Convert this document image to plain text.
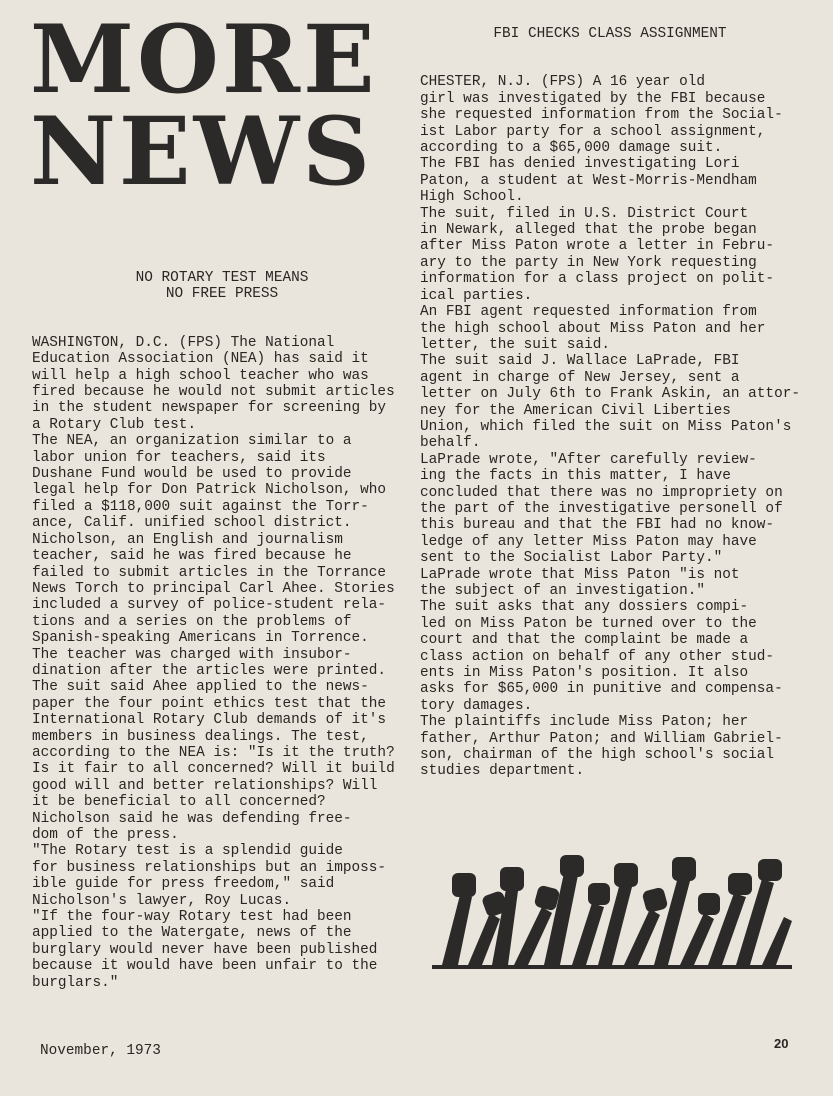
MORE
NEWS
NO ROTARY TEST MEANS
NO FREE PRESS

WASHINGTON, D.C. (FPS) The National
Education Association (NEA) has said it
will help a high school teacher who was
fired because he would not submit articles
in the student newspaper for screening by
a Rotary Club test.

The NEA, an organization similar to a
labor union for teachers, said its
Dushane Fund would be used to provide
legal help for Don Patrick Nicholson, who
filed a $118,000 suit against the Torr-
ance, Calif. unified school district.

Nicholson, an English and journalism
teacher, said he was fired because he
failed to submit articles in the Torrance
News Torch to principal Carl Ahee. Stories
included a survey of police-student rela-
tions and a series on the problems of
Spanish-speaking Americans in Torrence.

The teacher was charged with insubor-
dination after the articles were printed.

The suit said Ahee applied to the news-
paper the four point ethics test that the
International Rotary Club demands of it's
members in business dealings. The test,
according to the NEA is: "Is it the truth?
Is it fair to all concerned? Will it build
good will and better relationships? Will
it be beneficial to all concerned?

Nicholson said he was defending free-
dom of the press.

"The Rotary test is a splendid guide
for business relationships but an imposs-
ible guide for press freedom," said
Nicholson's lawyer, Roy Lucas.

"If the four-way Rotary test had been
applied to the Watergate, news of the
burglary would never have been published
because it would have been unfair to the
burglars."

FBI CHECKS CLASS ASSIGNMENT

CHESTER, N.J. (FPS) A 16 year old
girl was investigated by the FBI because
she requested information from the Social-
ist Labor party for a school assignment,
according to a $65,000 damage suit.

The FBI has denied investigating Lori
Paton, a student at West-Morris-Mendham
High School.

The suit, filed in U.S. District Court
in Newark, alleged that the probe began
after Miss Paton wrote a letter in Febru-
ary to the party in New York requesting
information for a class project on polit-
ical parties.

An FBI agent requested information from
the high school about Miss Paton and her
letter, the suit said.

The suit said J. Wallace LaPrade, FBI
agent in charge of New Jersey, sent a
letter on July 6th to Frank Askin, an attor-
ney for the American Civil Liberties
Union, which filed the suit on Miss Paton's
behalf.

LaPrade wrote, "After carefully review-
ing the facts in this matter, I have
concluded that there was no impropriety on
the part of the investigative personell of
this bureau and that the FBI had no know-
ledge of any letter Miss Paton may have
sent to the Socialist Labor Party."

LaPrade wrote that Miss Paton "is not
the subject of an investigation."

The suit asks that any dossiers compi-
led on Miss Paton be turned over to the
court and that the complaint be made a
class action on behalf of any other stud-
ents in Miss Paton's position. It also
asks for $65,000 in punitive and compensa-
tory damages.

The plaintiffs include Miss Paton; her
father, Arthur Paton; and William Gabriel-
son, chairman of the high school's social
studies department.

November, 1973	20
